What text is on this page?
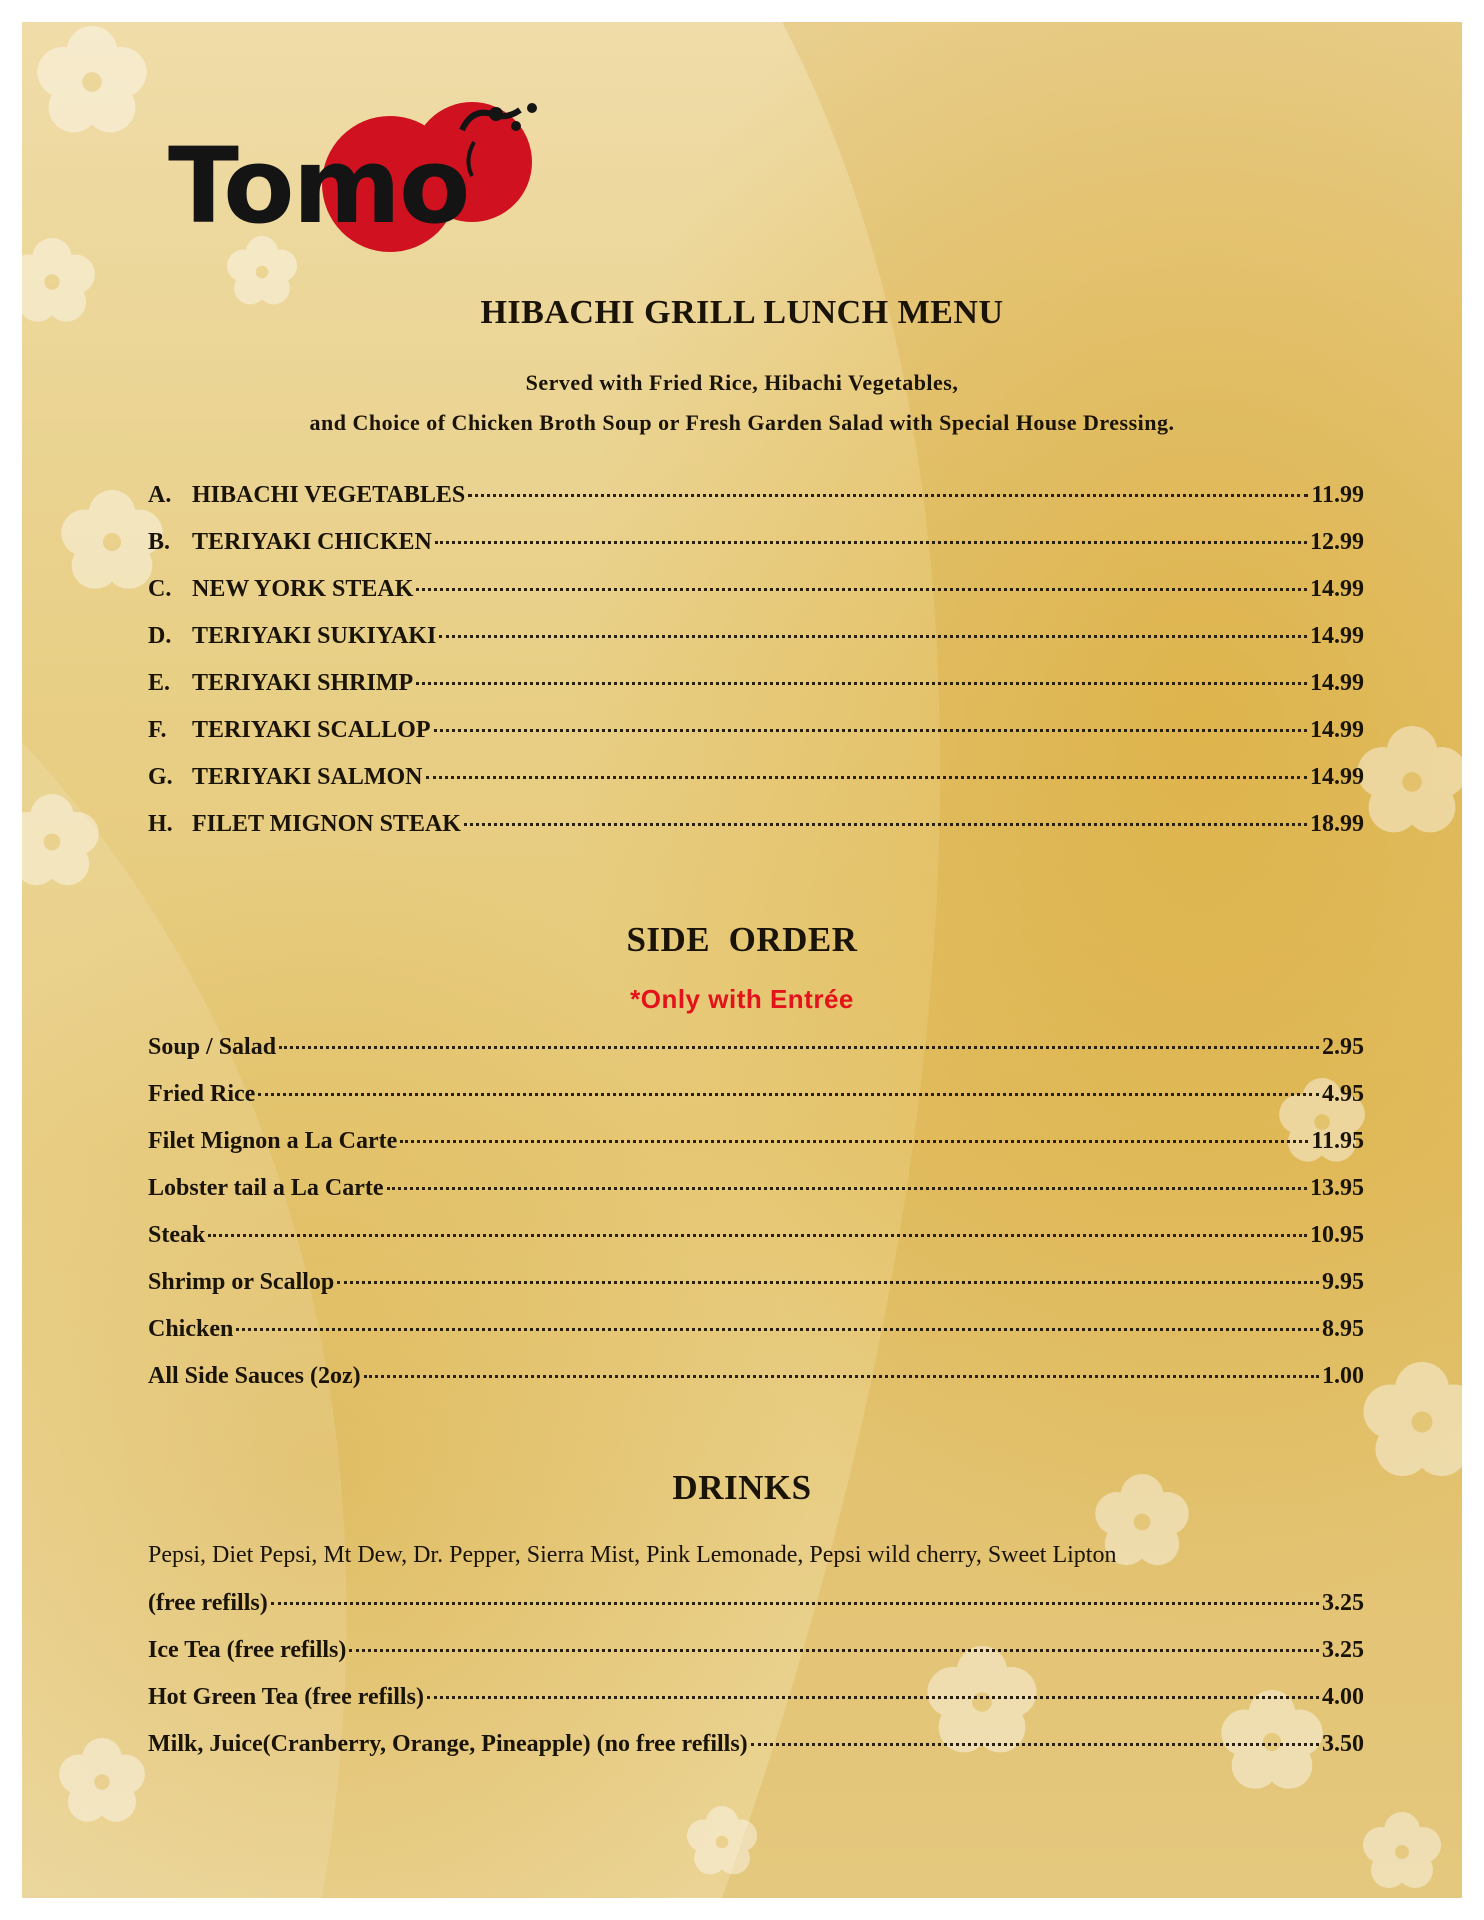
Tomo
HIBACHI GRILL LUNCH MENU
Served with Fried Rice, Hibachi Vegetables,
and Choice of Chicken Broth Soup or Fresh Garden Salad with Special House Dressing.
A. HIBACHI VEGETABLES	11.99
B. TERIYAKI CHICKEN	12.99
C. NEW YORK STEAK	14.99
D. TERIYAKI SUKIYAKI	14.99
E. TERIYAKI SHRIMP	14.99
F.	TERIYAKI SCALLOP	14.99
G. TERIYAKI SALMON	14.99
H. FILET MIGNON STEAK	18.99
SIDE  ORDER
*Only with Entrée
Soup / Salad	2.95
Fried Rice	4.95
Filet Mignon a La Carte	11.95
Lobster tail a La Carte	13.95
Steak	10.95
Shrimp or Scallop	9.95
Chicken	8.95
All Side Sauces (2oz)	1.00
DRINKS
Pepsi, Diet Pepsi, Mt Dew, Dr. Pepper, Sierra Mist, Pink Lemonade, Pepsi wild cherry, Sweet Lipton
(free refills)	3.25
Ice Tea (free refills)	3.25
Hot Green Tea (free refills)	4.00
Milk, Juice(Cranberry, Orange, Pineapple) (no free refills)	3.50
